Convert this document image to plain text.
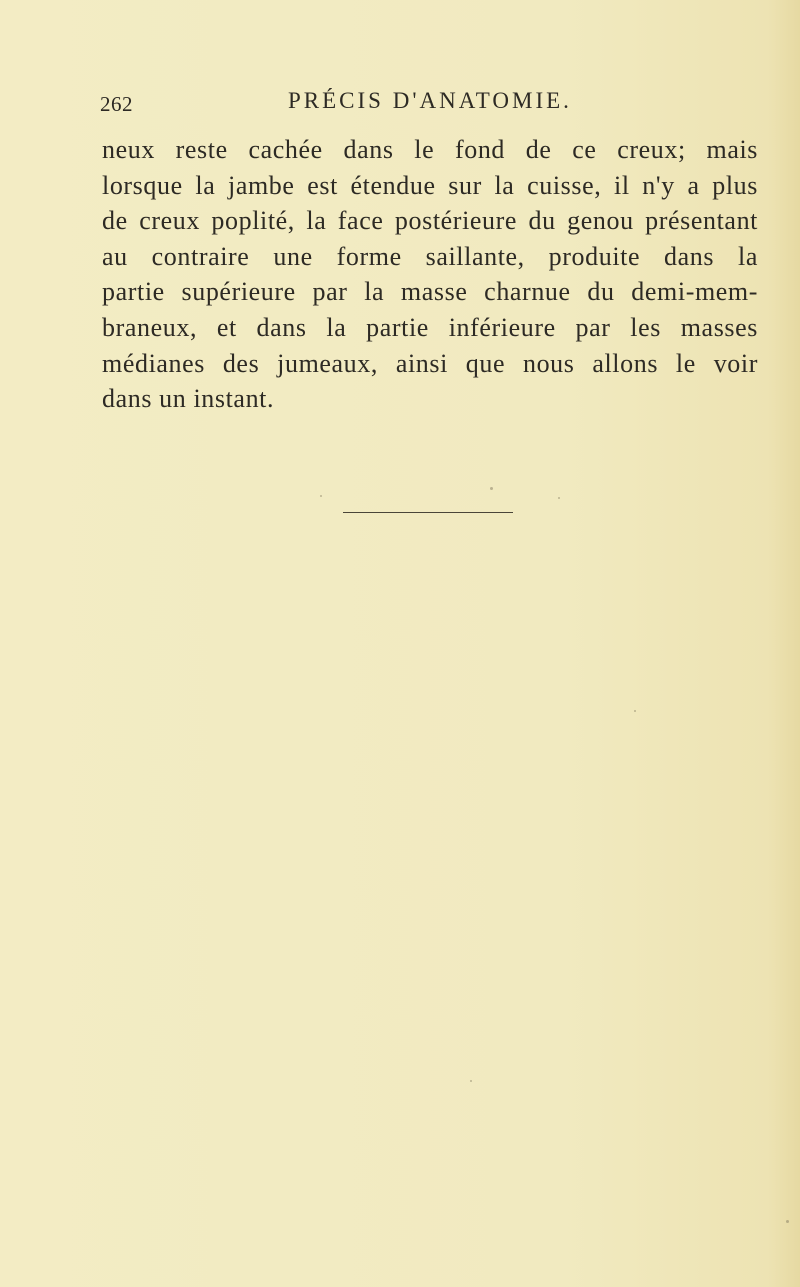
262	PRÉCIS D'ANATOMIE.
neux reste cachée dans le fond de ce creux; mais
lorsque la jambe est étendue sur la cuisse, il n'y a plus
de creux poplité, la face postérieure du genou présentant
au contraire une forme saillante, produite dans la
partie supérieure par la masse charnue du demi-mem-
braneux, et dans la partie inférieure par les masses
médianes des jumeaux, ainsi que nous allons le voir
dans un instant.
